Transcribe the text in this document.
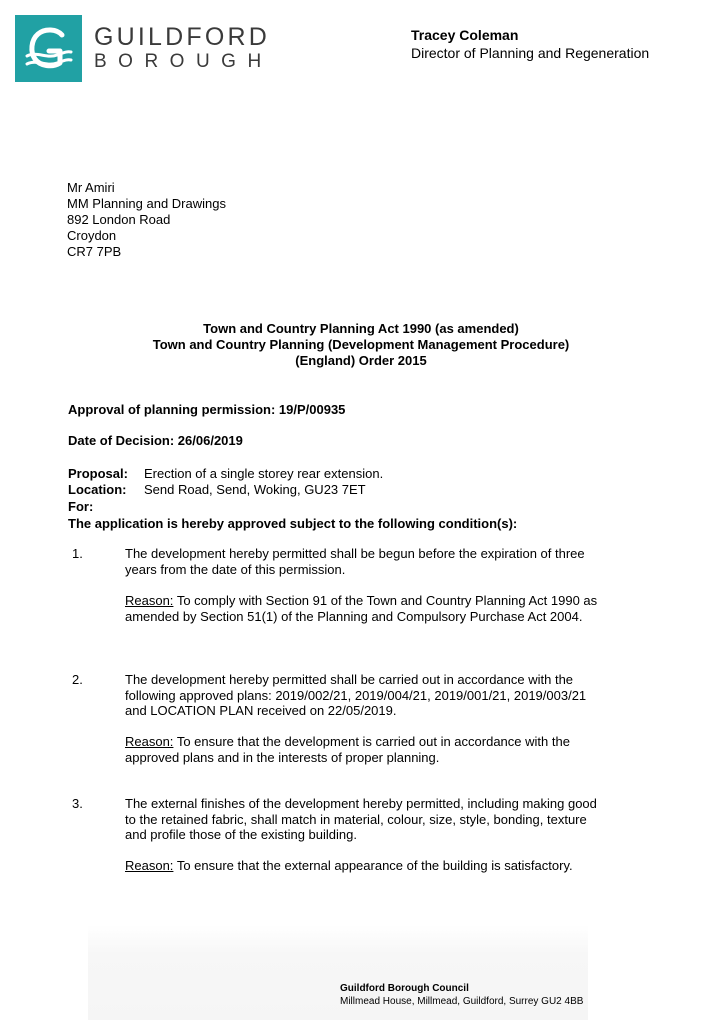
GUILDFORD
BOROUGH
Tracey Coleman
Director of Planning and Regeneration
Mr Amiri
MM Planning and Drawings
892 London Road
Croydon
CR7 7PB
Town and Country Planning Act 1990 (as amended)
Town and Country Planning (Development Management Procedure)
(England) Order 2015
Approval of planning permission: 19/P/00935
Date of Decision: 26/06/2019
Proposal: Erection of a single storey rear extension.
Location: Send Road, Send, Woking, GU23 7ET
For:
The application is hereby approved subject to the following condition(s):
1.	The development hereby permitted shall be begun before the expiration of three years from the date of this permission.
Reason: To comply with Section 91 of the Town and Country Planning Act 1990 as amended by Section 51(1) of the Planning and Compulsory Purchase Act 2004.
2.	The development hereby permitted shall be carried out in accordance with the following approved plans: 2019/002/21, 2019/004/21, 2019/001/21, 2019/003/21 and LOCATION PLAN received on 22/05/2019.
Reason: To ensure that the development is carried out in accordance with the approved plans and in the interests of proper planning.
3.	The external finishes of the development hereby permitted, including making good to the retained fabric, shall match in material, colour, size, style, bonding, texture and profile those of the existing building.
Reason: To ensure that the external appearance of the building is satisfactory.
Guildford Borough Council
Millmead House, Millmead, Guildford, Surrey GU2 4BB
